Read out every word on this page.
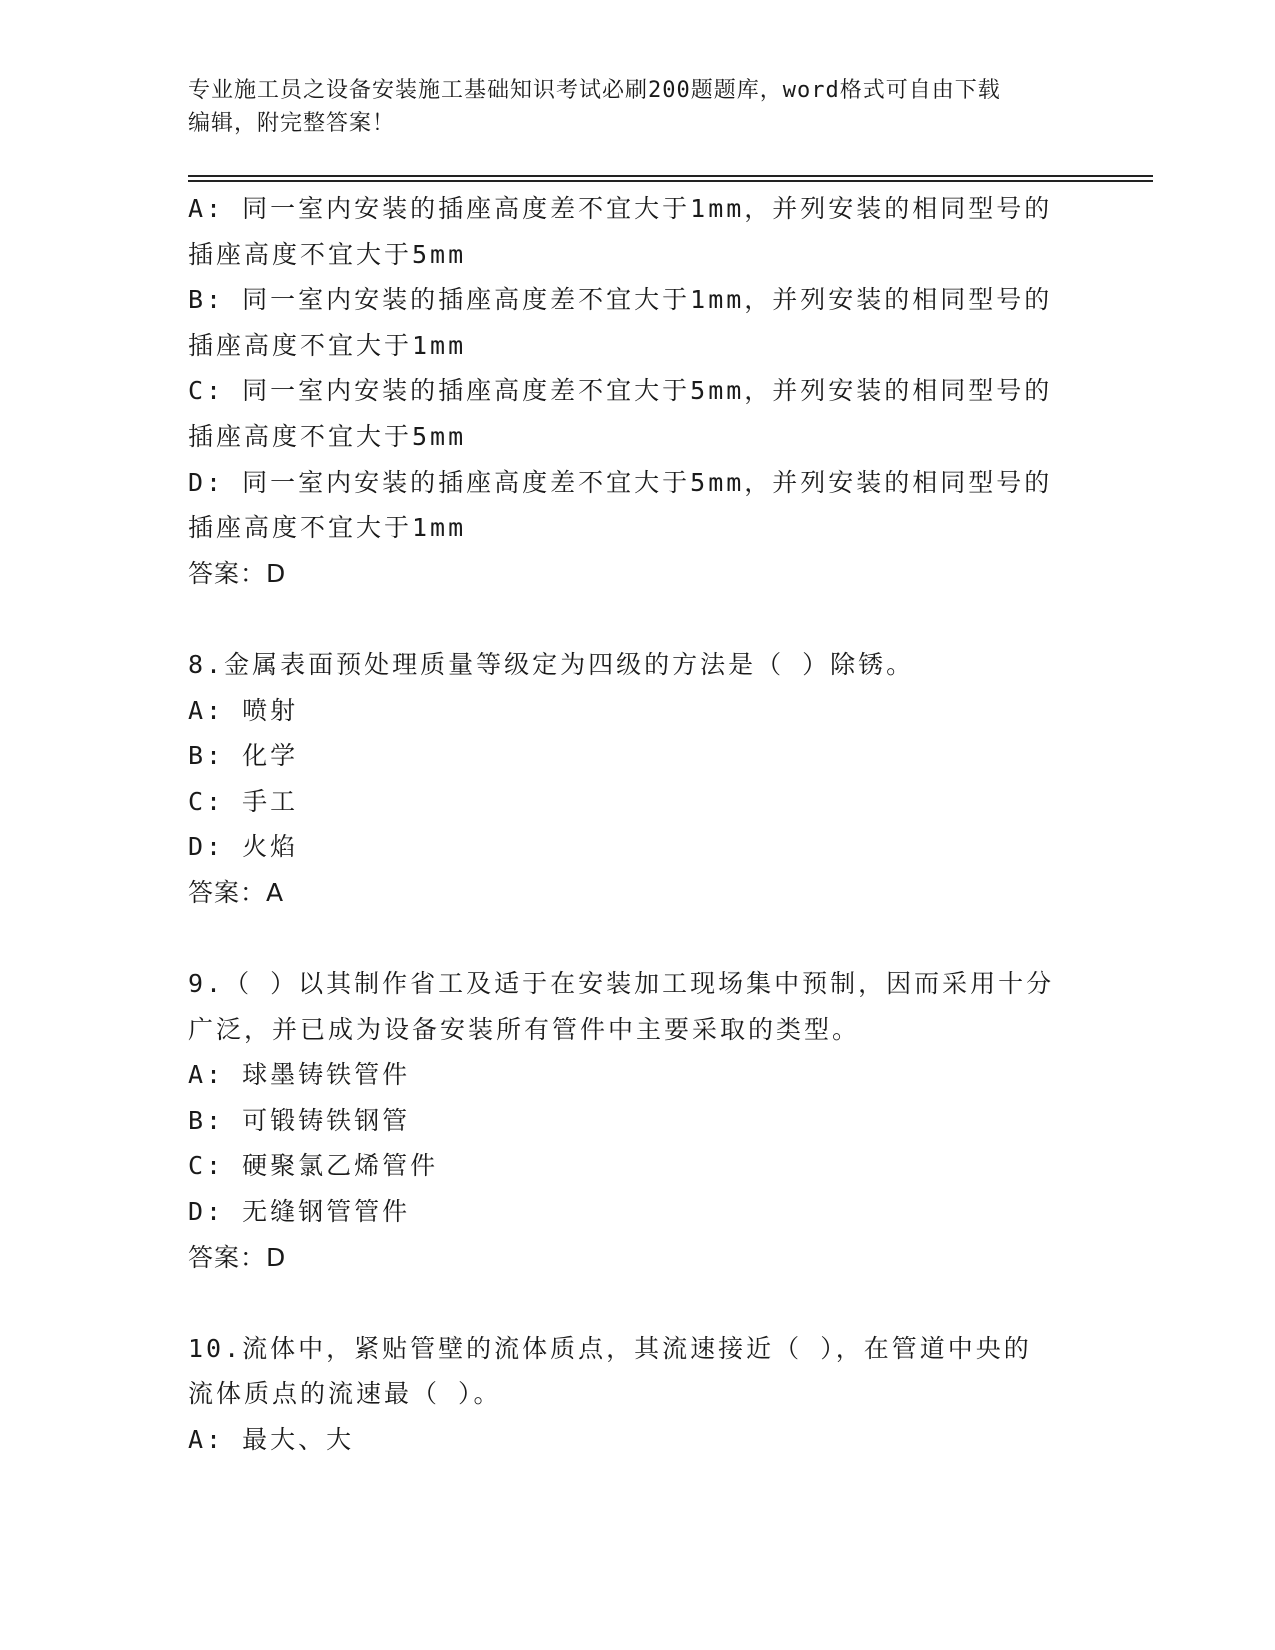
专业施工员之设备安装施工基础知识考试必刷200题题库，word格式可自由下载
编辑，附完整答案！
A: 同一室内安装的插座高度差不宜大于1mm，并列安装的相同型号的
插座高度不宜大于5mm
B: 同一室内安装的插座高度差不宜大于1mm，并列安装的相同型号的
插座高度不宜大于1mm
C: 同一室内安装的插座高度差不宜大于5mm，并列安装的相同型号的
插座高度不宜大于5mm
D: 同一室内安装的插座高度差不宜大于5mm，并列安装的相同型号的
插座高度不宜大于1mm
答案：D
8.金属表面预处理质量等级定为四级的方法是（ ）除锈。
A: 喷射
B: 化学
C: 手工
D: 火焰
答案：A
9.（ ）以其制作省工及适于在安装加工现场集中预制，因而采用十分
广泛，并已成为设备安装所有管件中主要采取的类型。
A: 球墨铸铁管件
B: 可锻铸铁钢管
C: 硬聚氯乙烯管件
D: 无缝钢管管件
答案：D
10.流体中，紧贴管壁的流体质点，其流速接近（ ），在管道中央的
流体质点的流速最（ ）。
A: 最大、大
